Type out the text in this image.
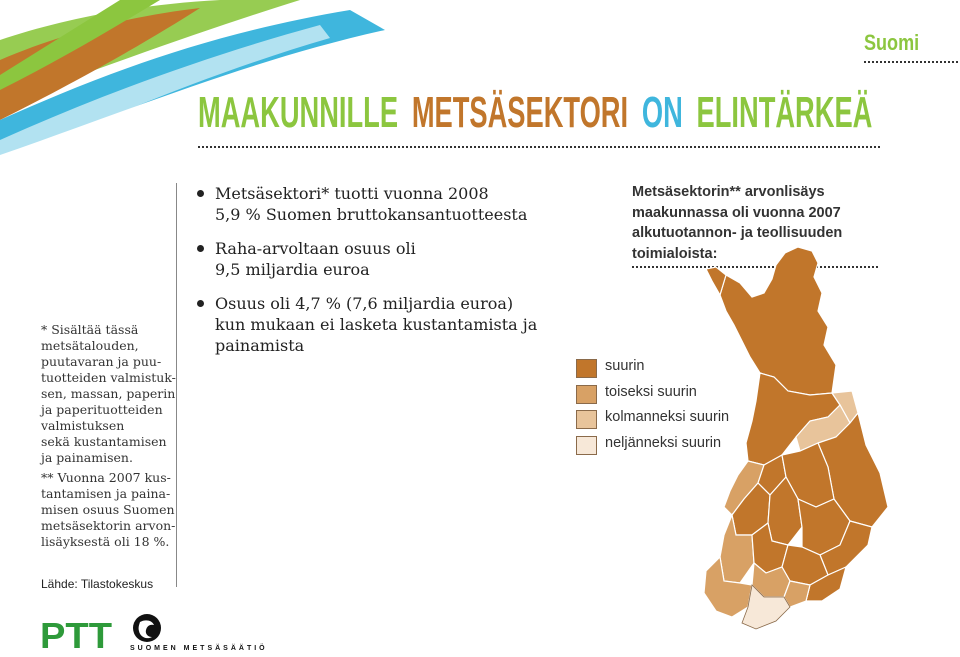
Suomi
MAAKUNNILLE METSÄSEKTORI ON ELINTÄRKEÄ
Metsäsektori* tuotti vuonna 2008
5,9 % Suomen bruttokansantuotteesta
Raha-arvoltaan osuus oli
9,5 miljardia euroa
Osuus oli 4,7 % (7,6 miljardia euroa)
kun mukaan ei lasketa kustantamista ja
painamista
* Sisältää tässä
metsätalouden,
puutavaran ja puu-
tuotteiden valmistuk-
sen, massan, paperin
ja paperituotteiden
valmistuksen
sekä kustantamisen
ja painamisen.
** Vuonna 2007 kus-
tantamisen ja paina-
misen osuus Suomen
metsäsektorin arvon-
lisäyksestä oli 18 %.
Lähde: Tilastokeskus
Metsäsektorin** arvonlisäys
maakunnassa oli vuonna 2007
alkutuotannon- ja teollisuuden
toimialoista:
suurin
toiseksi suurin
kolmanneksi suurin
neljänneksi suurin
PTT	SUOMEN METSÄSÄÄTIÖ
